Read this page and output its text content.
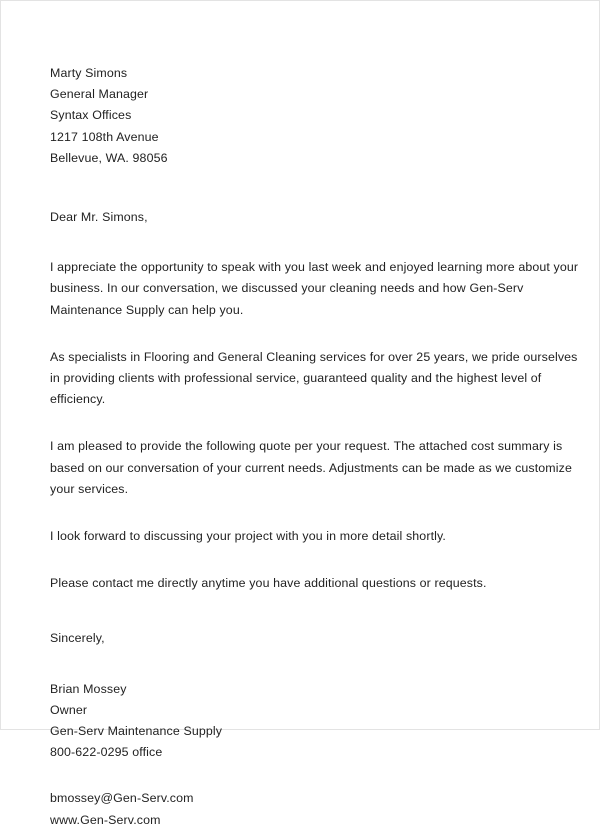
Marty Simons
General Manager
Syntax Offices
1217 108th Avenue
Bellevue, WA. 98056

Dear Mr. Simons,

I appreciate the opportunity to speak with you last week and enjoyed learning more about your business. In our conversation, we discussed your cleaning needs and how Gen-Serv Maintenance Supply can help you.

As specialists in Flooring and General Cleaning services for over 25 years, we pride ourselves in providing clients with professional service, guaranteed quality and the highest level of efficiency.

I am pleased to provide the following quote per your request. The attached cost summary is based on our conversation of your current needs. Adjustments can be made as we customize your services.

I look forward to discussing your project with you in more detail shortly.

Please contact me directly anytime you have additional questions or requests.

Sincerely,

Brian Mossey
Owner
Gen-Serv Maintenance Supply
800-622-0295 office
bmossey@Gen-Serv.com
www.Gen-Serv.com
